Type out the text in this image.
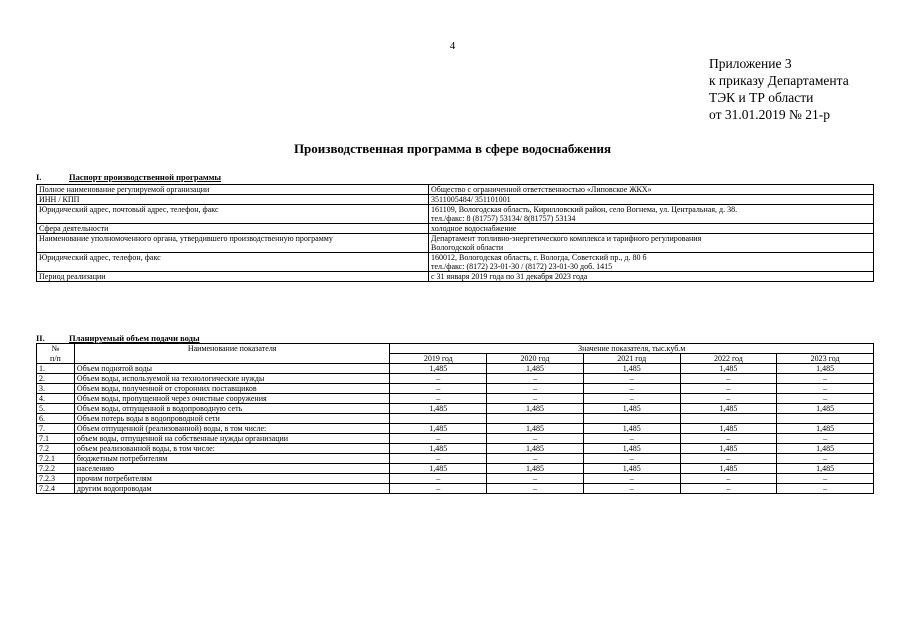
4
Приложение 3
к приказу Департамента
ТЭК и ТР области
от 31.01.2019 № 21-р
Производственная программа в сфере водоснабжения
I.	Паспорт производственной программы
Полное наименование регулируемой организации	Общество с ограниченной ответственностью «Липовское ЖКХ»

ИНН / КПП	3511005484/ 351101001

Юридический адрес, почтовый адрес, телефон, факс	161109, Вологодская область, Кирилловский район, село Вогнема, ул. Центральная, д. 38.
тел./факс: 8 (81757) 53134/ 8(81757) 53134

Сфера деятельности	холодное водоснабжение

Наименование уполномоченного органа, утвердившего производственную программу	Департамент топливно-энергетического комплекса и тарифного регулирования
Вологодской области

Юридический адрес, телефон, факс	160012, Вологодская область, г. Вологда, Советский пр., д. 80 б
тел./факс: (8172) 23-01-30 / (8172) 23-01-30 доб. 1415

Период реализации	с 31 января 2019 года по 31 декабря 2023 года
II.	Планируемый объем подачи воды
№	Наименование показателя	Значение показателя, тыс.куб.м				
п/п		2019 год	2020 год	2021 год	2022 год	2023 год
1.	Объем поднятой воды	1,485	1,485	1,485	1,485	1,485
2.	Объем воды, используемой на технологические нужды	–	–	–	–	–
3.	Объем воды, полученной от сторонних поставщиков	–	–	–	–	–
4.	Объем воды, пропущенной через очистные сооружения	–	–	–	–	–
5.	Объем воды, отпущенной в водопроводную сеть	1,485	1,485	1,485	1,485	1,485
6.	Объем потерь воды в водопроводной сети					
7.	Объем отпущенной (реализованной) воды, в том числе:	1,485	1,485	1,485	1,485	1,485
7.1	объем воды, отпущенной на собственные нужды организации	–	–	–	–	–
7.2	объем реализованной воды, в том числе:	1,485	1,485	1,485	1,485	1,485
7.2.1	бюджетным потребителям	–	–	–	–	–
7.2.2	населению	1,485	1,485	1,485	1,485	1,485
7.2.3	прочим потребителям	–	–	–	–	–
7.2.4	другим водопроводам	–	–	–	–	–
